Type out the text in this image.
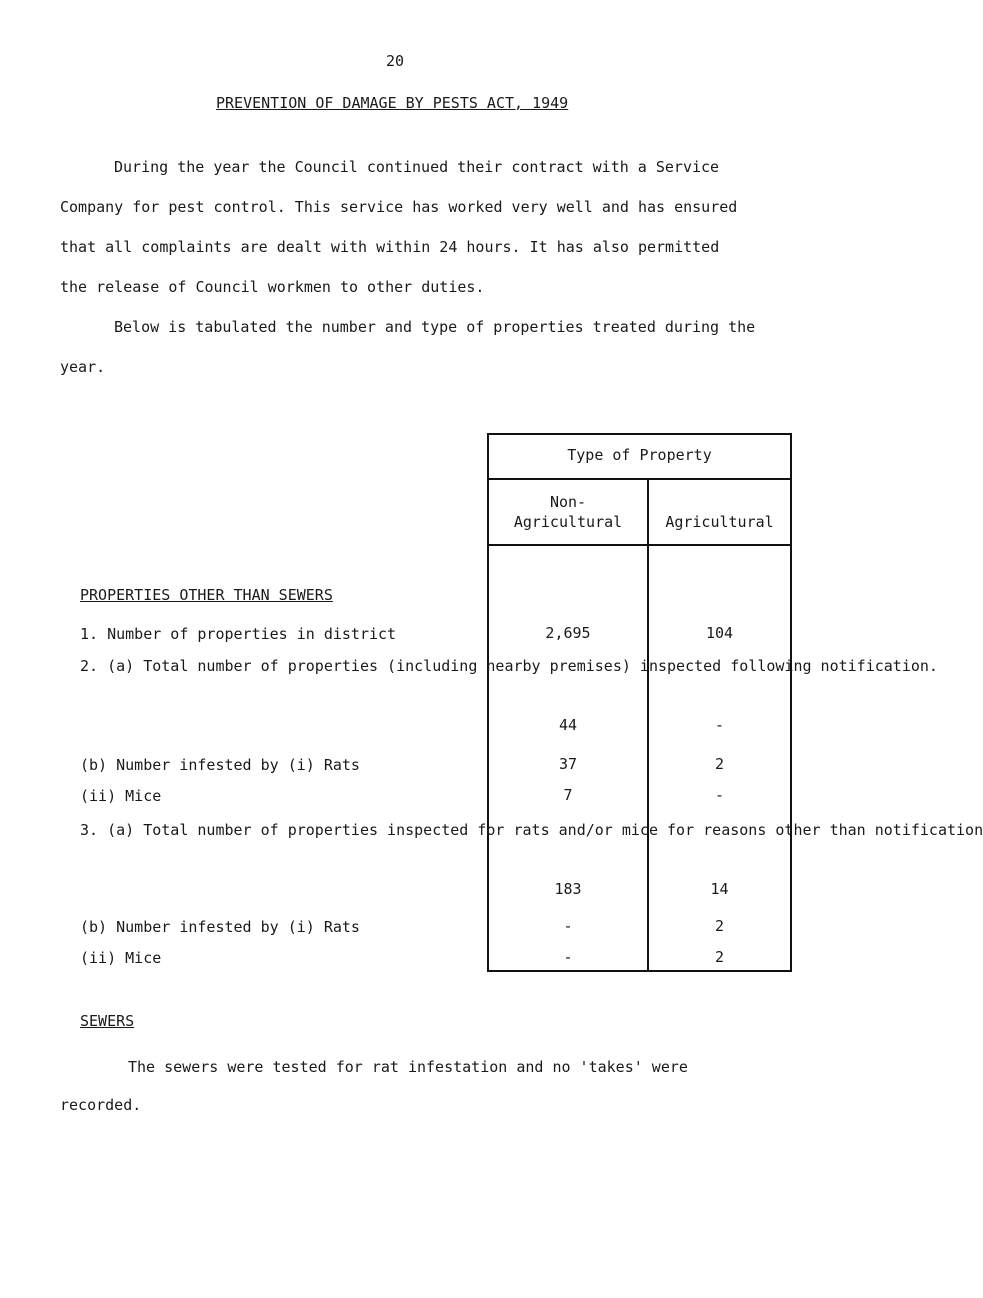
20
PREVENTION OF DAMAGE BY PESTS ACT, 1949

During the year the Council continued their contract with a Service

Company for pest control. This service has worked very well and has ensured

that all complaints are dealt with within 24 hours. It has also permitted

the release of Council workmen to other duties.

Below is tabulated the number and type of properties treated during the

year.

Type of Property
Non-
Agricultural	Agricultural
PROPERTIES OTHER THAN SEWERS
1. Number of properties in district	2,695	104
2. (a) Total number of properties (including nearby premises) inspected following notification.
44	-
(b) Number infested by (i) Rats	37	2
(ii) Mice	7	-
3. (a) Total number of properties inspected for rats and/or mice for reasons other than notification
183	14
(b) Number infested by (i) Rats	-	2
(ii) Mice	-	2
SEWERS
The sewers were tested for rat infestation and no 'takes' were
recorded.
